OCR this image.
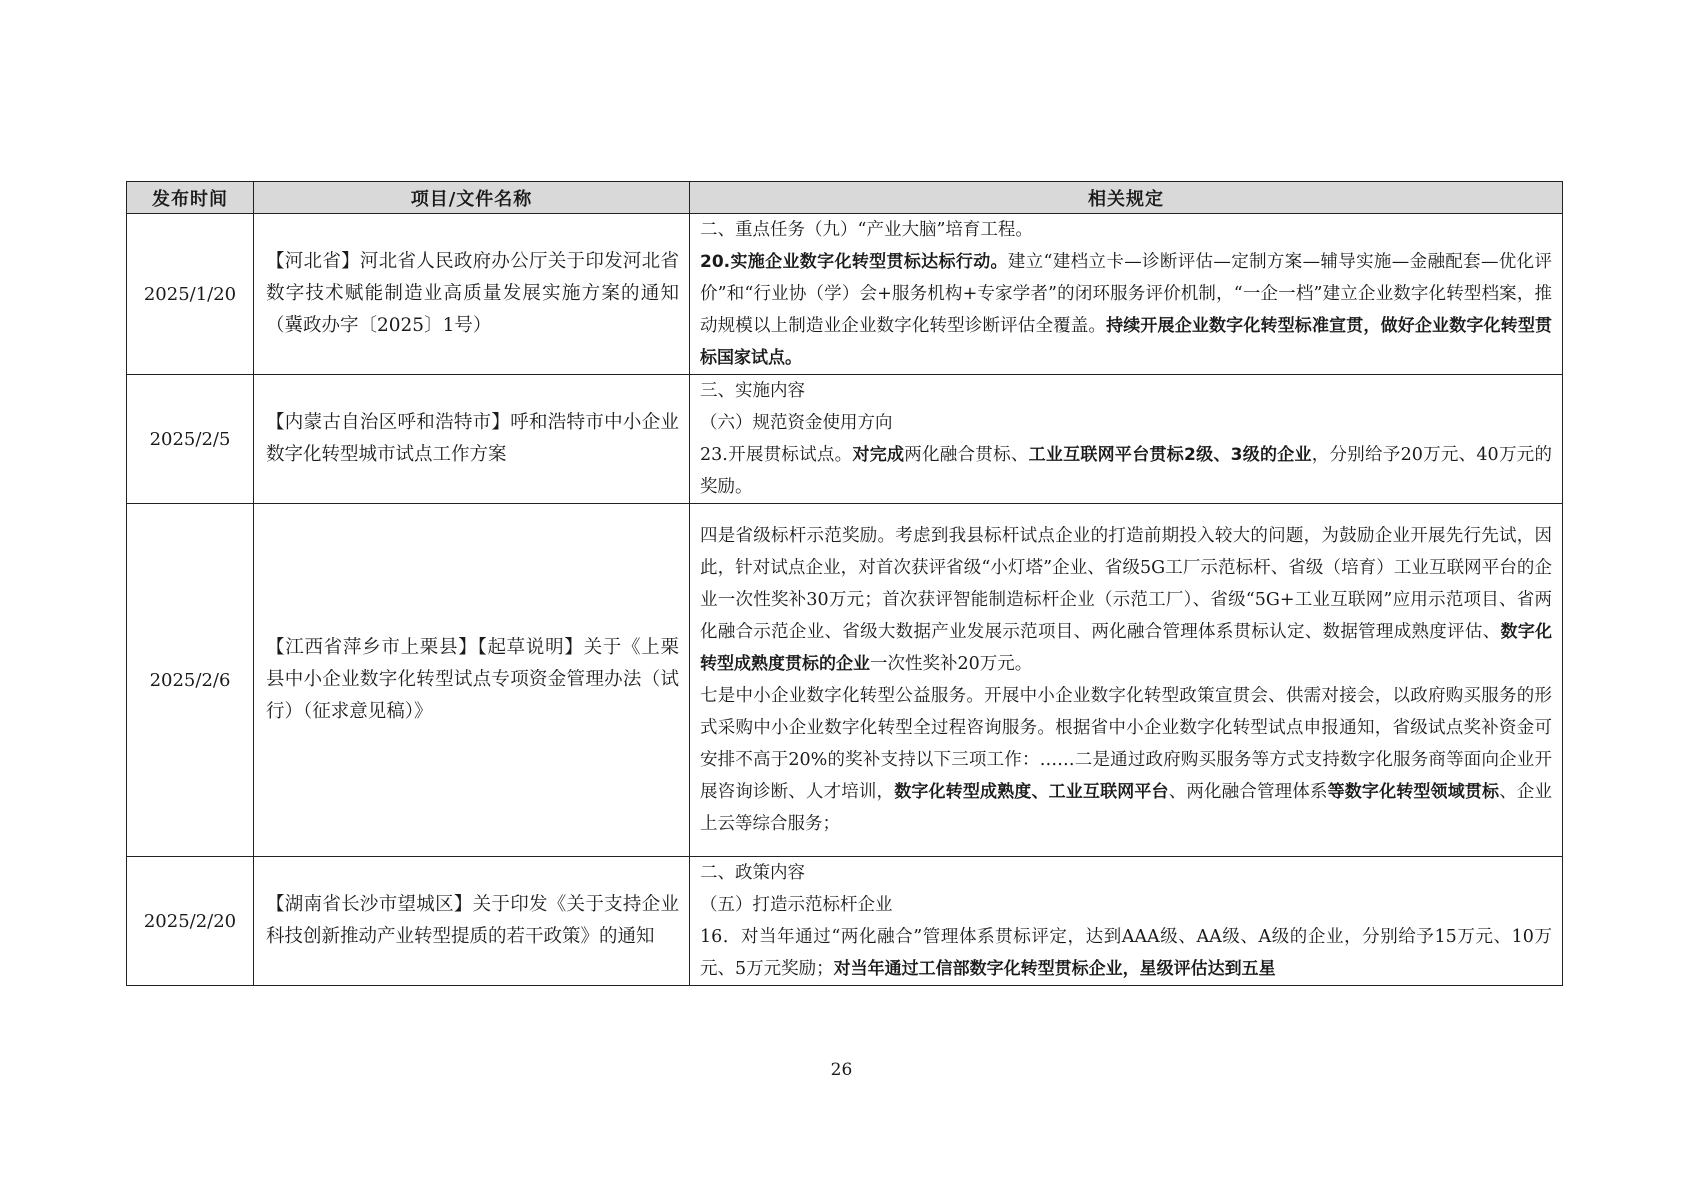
发布时间	项目/文件名称	相关规定
2025/1/20	【河北省】河北省人民政府办公厅关于印发河北省数字技术赋能制造业高质量发展实施方案的通知（冀政办字〔2025〕1号）	二、重点任务（九）“产业大脑”培育工程。

20.实施企业数字化转型贯标达标行动。建立“建档立卡—诊断评估—定制方案—辅导实施—金融配套—优化评价”和“行业协（学）会+服务机构+专家学者”的闭环服务评价机制，“一企一档”建立企业数字化转型档案，推动规模以上制造业企业数字化转型诊断评估全覆盖。持续开展企业数字化转型标准宣贯，做好企业数字化转型贯标国家试点。

2025/2/5	【内蒙古自治区呼和浩特市】呼和浩特市中小企业数字化转型城市试点工作方案	三、实施内容

（六）规范资金使用方向

23.开展贯标试点。对完成两化融合贯标、工业互联网平台贯标2级、3级的企业，分别给予20万元、40万元的奖励。

2025/2/6	【江西省萍乡市上栗县】【起草说明】关于《上栗县中小企业数字化转型试点专项资金管理办法（试行）（征求意见稿）》	四是省级标杆示范奖励。考虑到我县标杆试点企业的打造前期投入较大的问题，为鼓励企业开展先行先试，因此，针对试点企业，对首次获评省级“小灯塔”企业、省级5G工厂示范标杆、省级（培育）工业互联网平台的企业一次性奖补30万元；首次获评智能制造标杆企业（示范工厂）、省级“5G+工业互联网”应用示范项目、省两化融合示范企业、省级大数据产业发展示范项目、两化融合管理体系贯标认定、数据管理成熟度评估、数字化转型成熟度贯标的企业一次性奖补20万元。

七是中小企业数字化转型公益服务。开展中小企业数字化转型政策宣贯会、供需对接会，以政府购买服务的形式采购中小企业数字化转型全过程咨询服务。根据省中小企业数字化转型试点申报通知，省级试点奖补资金可安排不高于20%的奖补支持以下三项工作：……二是通过政府购买服务等方式支持数字化服务商等面向企业开展咨询诊断、人才培训，数字化转型成熟度、工业互联网平台、两化融合管理体系等数字化转型领域贯标、企业上云等综合服务；

2025/2/20	【湖南省长沙市望城区】关于印发《关于支持企业科技创新推动产业转型提质的若干政策》的通知	二、政策内容

（五）打造示范标杆企业

16．对当年通过“两化融合”管理体系贯标评定，达到AAA级、AA级、A级的企业，分别给予15万元、10万元、5万元奖励；对当年通过工信部数字化转型贯标企业，星级评估达到五星

26
